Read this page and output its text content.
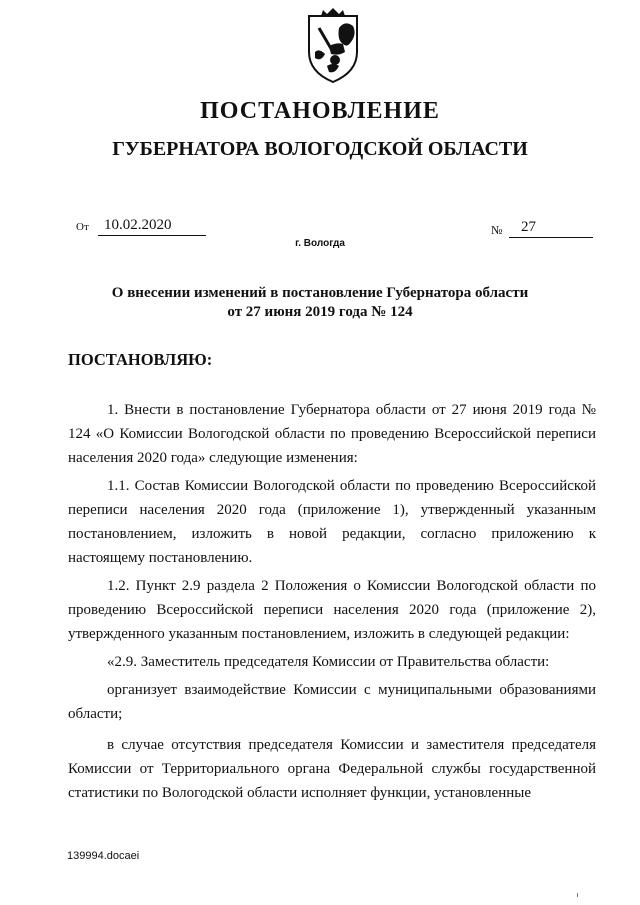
ПОСТАНОВЛЕНИЕ
ГУБЕРНАТОРА ВОЛОГОДСКОЙ ОБЛАСТИ
От	10.02.2020	№	27
г. Вологда
О внесении изменений в постановление Губернатора области
от 27 июня 2019 года № 124
ПОСТАНОВЛЯЮ:

1. Внести в постановление Губернатора области от 27 июня 2019 года № 124 «О Комиссии Вологодской области по проведению Всероссийской переписи населения 2020 года» следующие изменения:

1.1. Состав Комиссии Вологодской области по проведению Всероссийской переписи населения 2020 года (приложение 1), утвержденный указанным постановлением, изложить в новой редакции, согласно приложению к настоящему постановлению.

1.2. Пункт 2.9 раздела 2 Положения о Комиссии Вологодской области по проведению Всероссийской переписи населения 2020 года (приложение 2), утвержденного указанным постановлением, изложить в следующей редакции:

«2.9. Заместитель председателя Комиссии от Правительства области:

организует взаимодействие Комиссии с муниципальными образованиями области;

в случае отсутствия председателя Комиссии и заместителя председателя Комиссии от Территориального органа Федеральной службы государственной статистики по Вологодской области исполняет функции, установленные

139994.docaei
